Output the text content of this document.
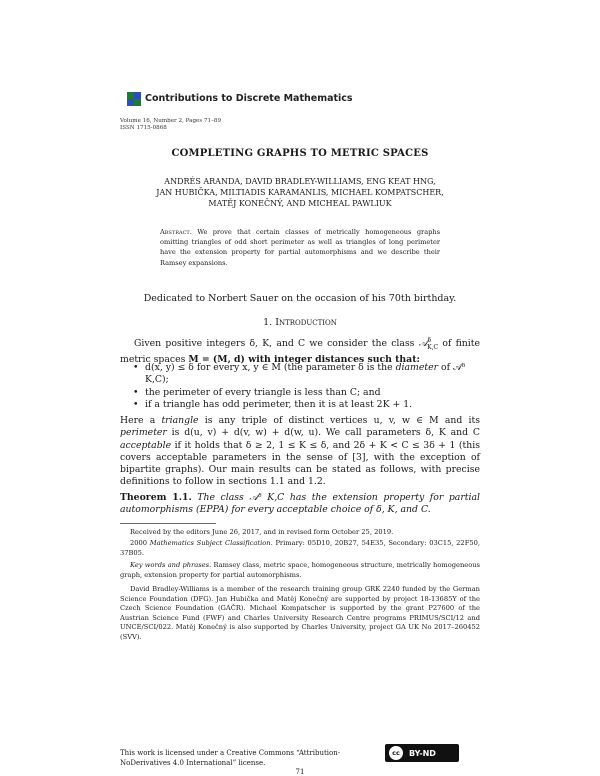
Contributions to Discrete Mathematics
Volume 16, Number 2, Pages 71–89
ISSN 1715-0868
COMPLETING GRAPHS TO METRIC SPACES
ANDRÉS ARANDA, DAVID BRADLEY-WILLIAMS, ENG KEAT HNG,
JAN HUBIČKA, MILTIADIS KARAMANLIS, MICHAEL KOMPATSCHER,
MATĚJ KONEČNÝ, AND MICHEAL PAWLIUK
Abstract. We prove that certain classes of metrically homogeneous graphs omitting triangles of odd short perimeter as well as triangles of long perimeter have the extension property for partial automorphisms and we describe their Ramsey expansions.
Dedicated to Norbert Sauer on the occasion of his 70th birthday.
1. Introduction
Given positive integers δ, K, and C we consider the class 𝒜$^\delta_{K,C}$ of finite metric spaces M = (M, d) with integer distances such that:
• d(x, y) ≤ δ for every x, y ∈ M (the parameter δ is the diameter of 𝒜ᵟ K,C);
• the perimeter of every triangle is less than C; and
• if a triangle has odd perimeter, then it is at least 2K + 1.
Here a triangle is any triple of distinct vertices u, v, w ∈ M and its perimeter is d(u, v) + d(v, w) + d(w, u). We call parameters δ, K and C acceptable if it holds that δ ≥ 2, 1 ≤ K ≤ δ, and 2δ + K < C ≤ 3δ + 1 (this covers acceptable parameters in the sense of [3], with the exception of bipartite graphs). Our main results can be stated as follows, with precise definitions to follow in sections 1.1 and 1.2.
Theorem 1.1. The class 𝒜ᵟ K,C has the extension property for partial automorphisms (EPPA) for every acceptable choice of δ, K, and C.
Received by the editors June 26, 2017, and in revised form October 25, 2019.
2000 Mathematics Subject Classification. Primary: 05D10, 20B27, 54E35, Secondary: 03C15, 22F50, 37B05.
Key words and phrases. Ramsey class, metric space, homogeneous structure, metrically homogeneous graph, extension property for partial automorphisms.
David Bradley-Williams is a member of the research training group GRK 2240 funded by the German Science Foundation (DFG). Jan Hubička and Matěj Konečný are supported by project 18-13685Y of the Czech Science Foundation (GAČR). Michael Kompatscher is supported by the grant P27600 of the Austrian Science Fund (FWF) and Charles University Research Centre programs PRIMUS/SCI/12 and UNCE/SCI/022. Matěj Konečný is also supported by Charles University, project GA UK No 2017–260452 (SVV).
This work is licensed under a Creative Commons “Attribution-
NoDerivatives 4.0 International” license.
cc	BY-ND
71
